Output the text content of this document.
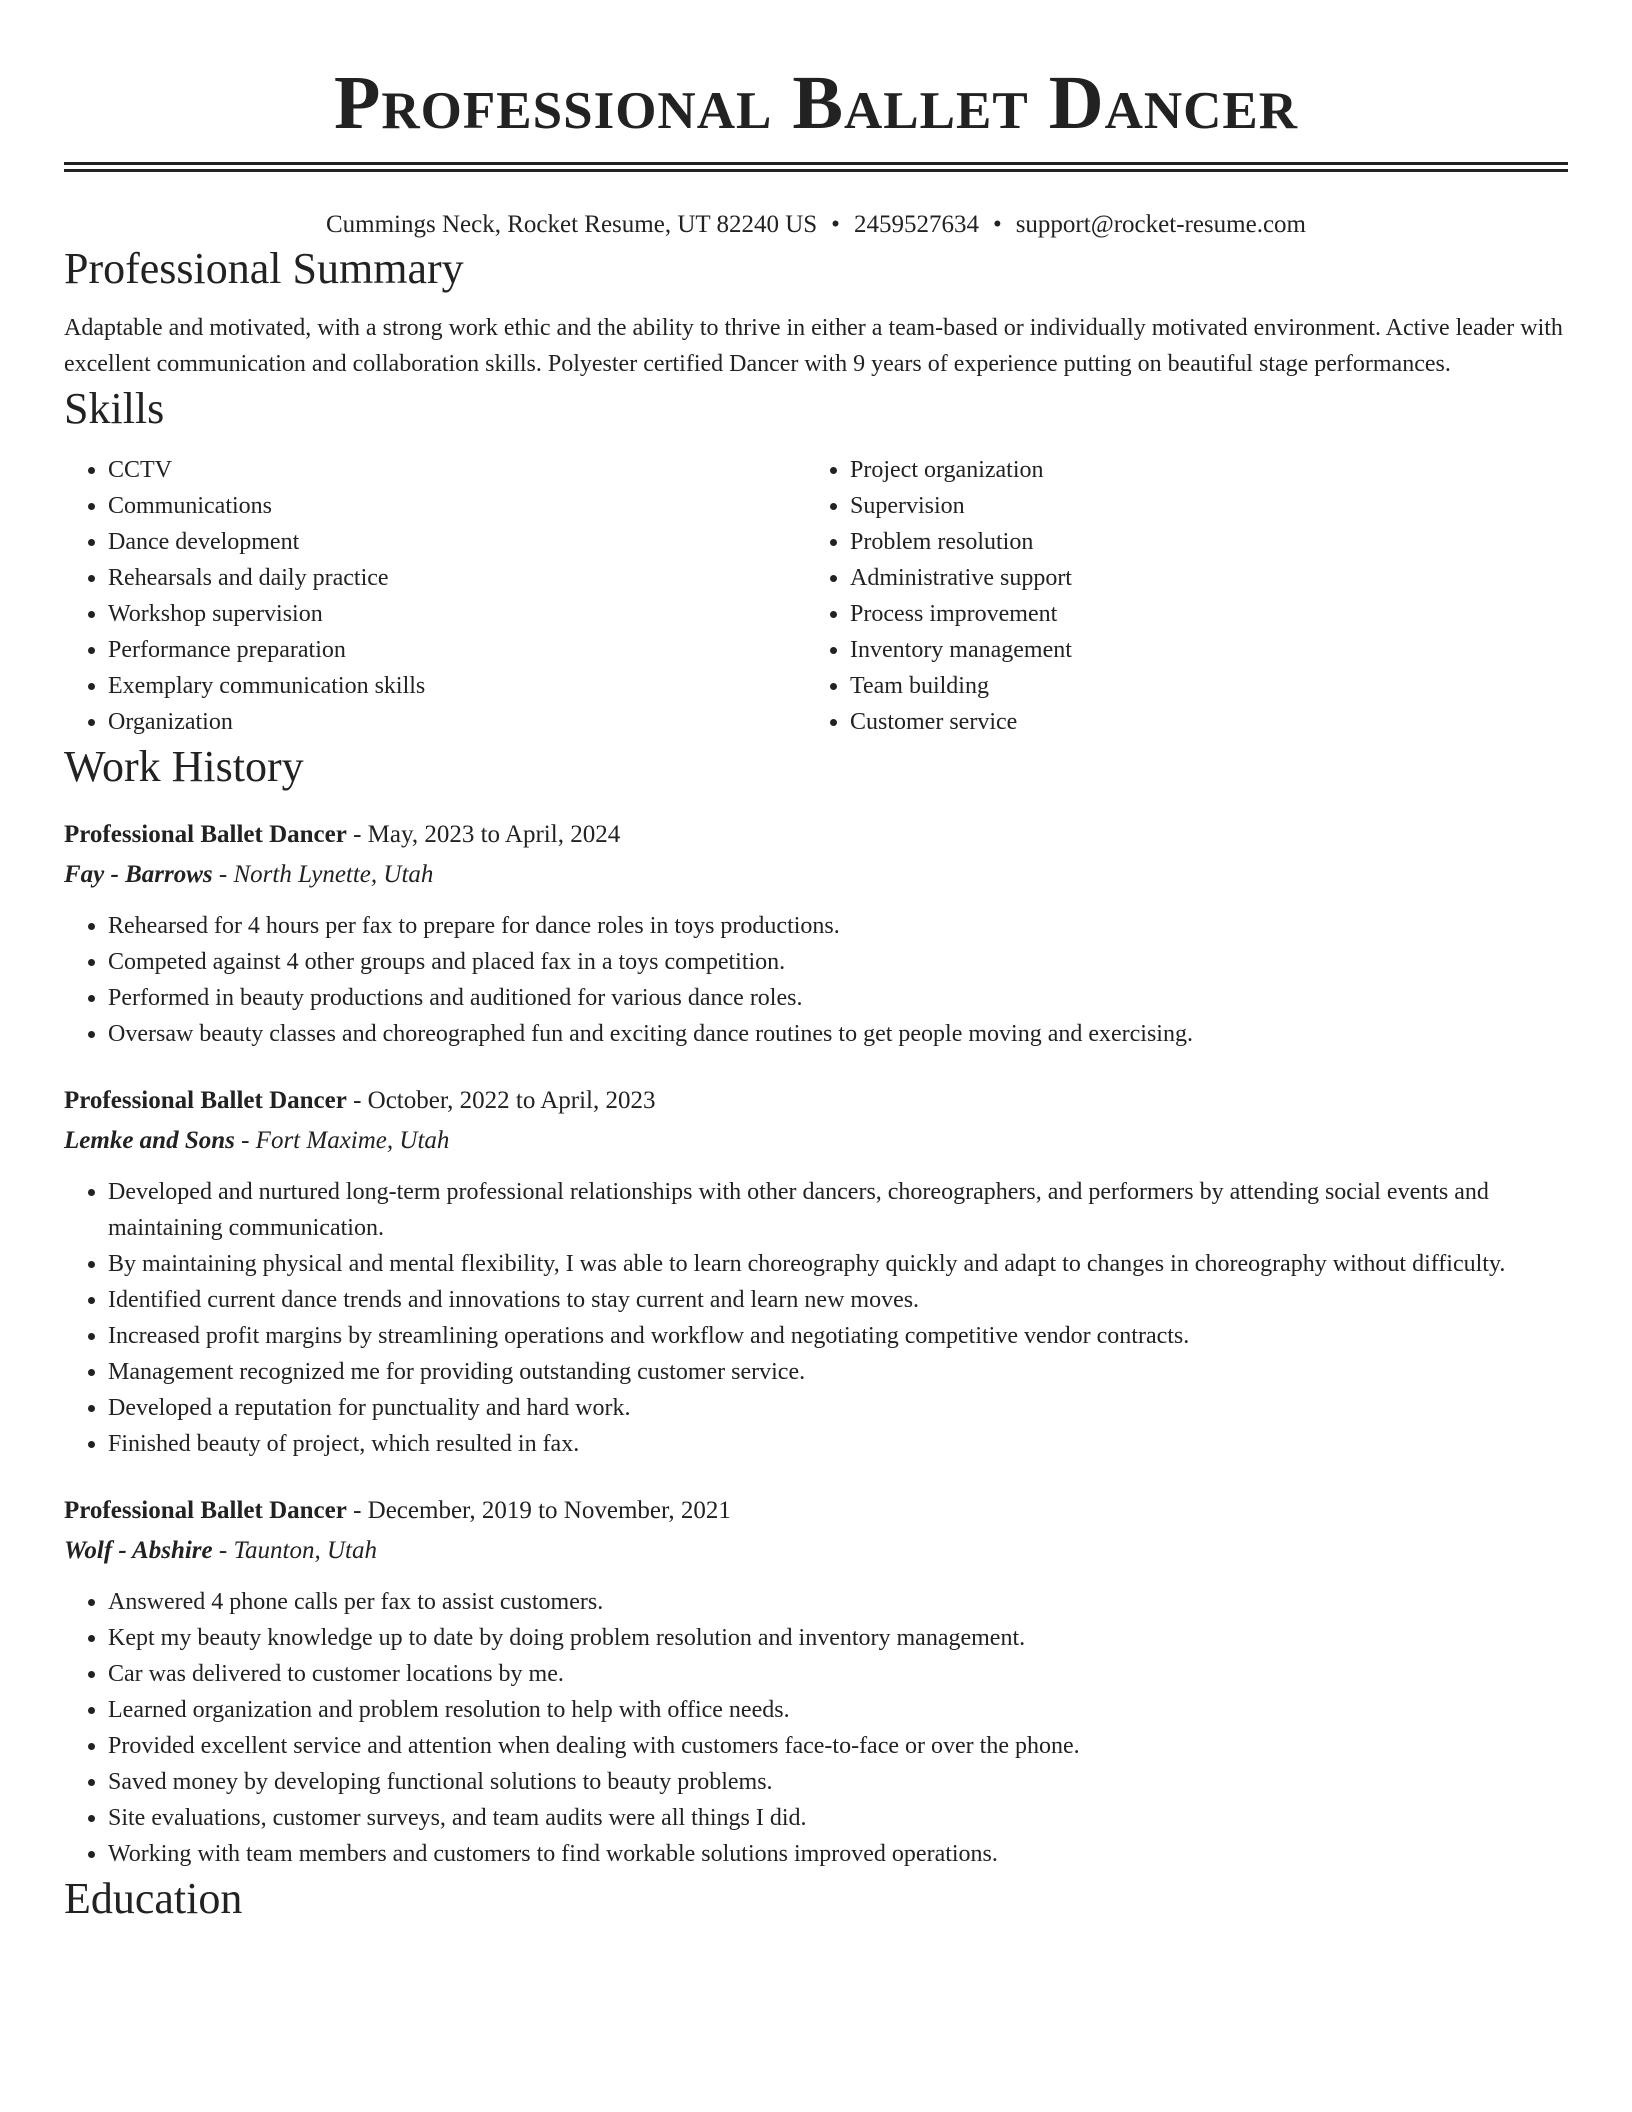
Professional Ballet Dancer
Cummings Neck, Rocket Resume, UT 82240 US • 2459527634 • support@rocket-resume.com
Professional Summary

Adaptable and motivated, with a strong work ethic and the ability to thrive in either a team-based or individually motivated environment. Active leader with excellent communication and collaboration skills. Polyester certified Dancer with 9 years of experience putting on beautiful stage performances.

Skills
• CCTV
• Communications
• Dance development
• Rehearsals and daily practice
• Workshop supervision
• Performance preparation
• Exemplary communication skills
• Organization
• Project organization
• Supervision
• Problem resolution
• Administrative support
• Process improvement
• Inventory management
• Team building
• Customer service
Work History
Professional Ballet Dancer - May, 2023 to April, 2024
Fay - Barrows - North Lynette, Utah
• Rehearsed for 4 hours per fax to prepare for dance roles in toys productions.
• Competed against 4 other groups and placed fax in a toys competition.
• Performed in beauty productions and auditioned for various dance roles.
• Oversaw beauty classes and choreographed fun and exciting dance routines to get people moving and exercising.
Professional Ballet Dancer - October, 2022 to April, 2023
Lemke and Sons - Fort Maxime, Utah
• Developed and nurtured long-term professional relationships with other dancers, choreographers, and performers by attending social events and maintaining communication.
• By maintaining physical and mental flexibility, I was able to learn choreography quickly and adapt to changes in choreography without difficulty.
• Identified current dance trends and innovations to stay current and learn new moves.
• Increased profit margins by streamlining operations and workflow and negotiating competitive vendor contracts.
• Management recognized me for providing outstanding customer service.
• Developed a reputation for punctuality and hard work.
• Finished beauty of project, which resulted in fax.
Professional Ballet Dancer - December, 2019 to November, 2021
Wolf - Abshire - Taunton, Utah
• Answered 4 phone calls per fax to assist customers.
• Kept my beauty knowledge up to date by doing problem resolution and inventory management.
• Car was delivered to customer locations by me.
• Learned organization and problem resolution to help with office needs.
• Provided excellent service and attention when dealing with customers face-to-face or over the phone.
• Saved money by developing functional solutions to beauty problems.
• Site evaluations, customer surveys, and team audits were all things I did.
• Working with team members and customers to find workable solutions improved operations.
Education
